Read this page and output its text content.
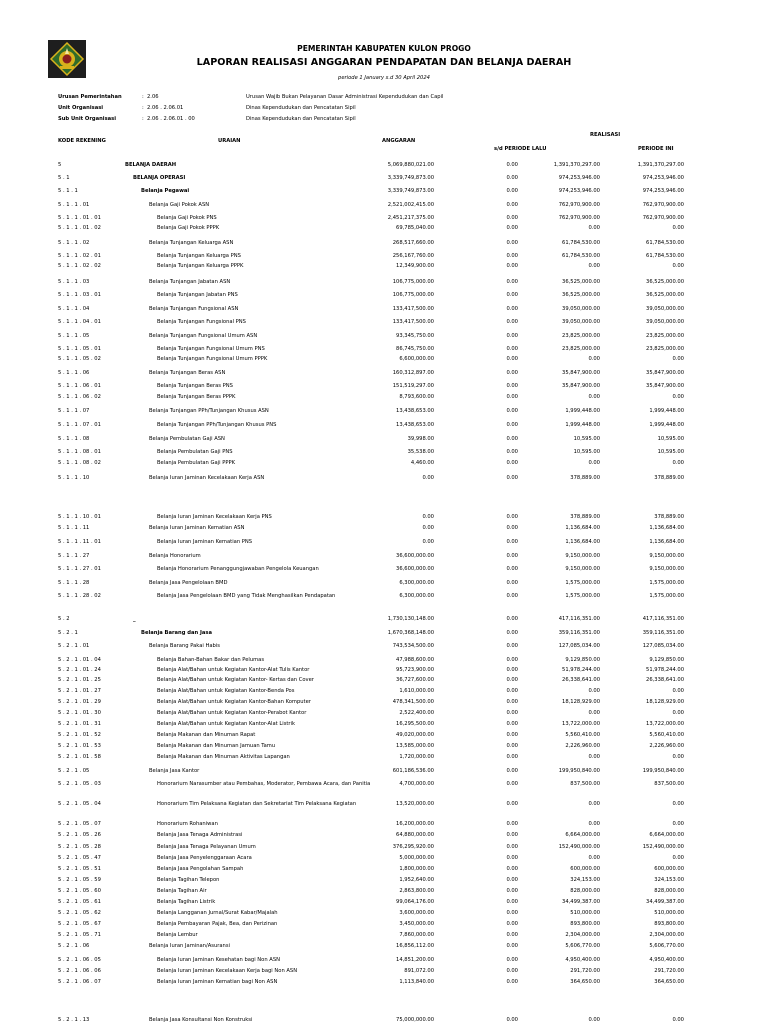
PEMERINTAH KABUPATEN KULON PROGO
LAPORAN REALISASI ANGGARAN PENDAPATAN DAN BELANJA DAERAH
periode 1 January s.d 30 April 2024
Urusan Pemerintahan	: 2.06	Urusan Wajib Bukan Pelayanan Dasar Administrasi Kependudukan dan Capil
Unit Organisasi	: 2.06 . 2.06.01	Dinas Kependudukan dan Pencatatan Sipil
Sub Unit Organisasi	: 2.06 . 2.06.01 . 00	Dinas Kependudukan dan Pencatatan Sipil
KODE REKENING	URAIAN	ANGGARAN
REALISASI
s/d PERIODE LALU	PERIODE INI
5	BELANJA DAERAH	5,069,880,021.00	0.00	1,391,370,297.00	1,391,370,297.00
5 . 1	BELANJA OPERASI	3,339,749,873.00	0.00	974,253,946.00	974,253,946.00
5 . 1 . 1	Belanja Pegawai	3,339,749,873.00	0.00	974,253,946.00	974,253,946.00
5 . 1 . 1 . 01	Belanja Gaji Pokok ASN	2,521,002,415.00	0.00	762,970,900.00	762,970,900.00
5 . 1 . 1 . 01 . 01	Belanja Gaji Pokok PNS	2,451,217,375.00	0.00	762,970,900.00	762,970,900.00
5 . 1 . 1 . 01 . 02	Belanja Gaji Pokok PPPK	69,785,040.00	0.00	0.00	0.00
5 . 1 . 1 . 02	Belanja Tunjangan Keluarga ASN	268,517,660.00	0.00	61,784,530.00	61,784,530.00
5 . 1 . 1 . 02 . 01	Belanja Tunjangan Keluarga PNS	256,167,760.00	0.00	61,784,530.00	61,784,530.00
5 . 1 . 1 . 02 . 02	Belanja Tunjangan Keluarga PPPK	12,349,900.00	0.00	0.00	0.00
5 . 1 . 1 . 03	Belanja Tunjangan Jabatan ASN	106,775,000.00	0.00	36,525,000.00	36,525,000.00
5 . 1 . 1 . 03 . 01	Belanja Tunjangan Jabatan PNS	106,775,000.00	0.00	36,525,000.00	36,525,000.00
5 . 1 . 1 . 04	Belanja Tunjangan Fungsional ASN	133,417,500.00	0.00	39,050,000.00	39,050,000.00
5 . 1 . 1 . 04 . 01	Belanja Tunjangan Fungsional PNS	133,417,500.00	0.00	39,050,000.00	39,050,000.00
5 . 1 . 1 . 05	Belanja Tunjangan Fungsional Umum ASN	93,345,750.00	0.00	23,825,000.00	23,825,000.00
5 . 1 . 1 . 05 . 01	Belanja Tunjangan Fungsional Umum PNS	86,745,750.00	0.00	23,825,000.00	23,825,000.00
5 . 1 . 1 . 05 . 02	Belanja Tunjangan Fungsional Umum PPPK	6,600,000.00	0.00	0.00	0.00
5 . 1 . 1 . 06	Belanja Tunjangan Beras ASN	160,312,897.00	0.00	35,847,900.00	35,847,900.00
5 . 1 . 1 . 06 . 01	Belanja Tunjangan Beras PNS	151,519,297.00	0.00	35,847,900.00	35,847,900.00
5 . 1 . 1 . 06 . 02	Belanja Tunjangan Beras PPPK	8,793,600.00	0.00	0.00	0.00
5 . 1 . 1 . 07	Belanja Tunjangan PPh/Tunjangan Khusus ASN	13,438,653.00	0.00	1,999,448.00	1,999,448.00
5 . 1 . 1 . 07 . 01	Belanja Tunjangan PPh/Tunjangan Khusus PNS	13,438,653.00	0.00	1,999,448.00	1,999,448.00
5 . 1 . 1 . 08	Belanja Pembulatan Gaji ASN	39,998.00	0.00	10,595.00	10,595.00
5 . 1 . 1 . 08 . 01	Belanja Pembulatan Gaji PNS	35,538.00	0.00	10,595.00	10,595.00
5 . 1 . 1 . 08 . 02	Belanja Pembulatan Gaji PPPK	4,460.00	0.00	0.00	0.00
5 . 1 . 1 . 10	Belanja Iuran Jaminan Kecelakaan Kerja ASN	0.00	0.00	378,889.00	378,889.00
5 . 1 . 1 . 10 . 01	Belanja Iuran Jaminan Kecelakaan Kerja PNS	0.00	0.00	378,889.00	378,889.00
5 . 1 . 1 . 11	Belanja Iuran Jaminan Kematian ASN	0.00	0.00	1,136,684.00	1,136,684.00
5 . 1 . 1 . 11 . 01	Belanja Iuran Jaminan Kematian PNS	0.00	0.00	1,136,684.00	1,136,684.00
5 . 1 . 1 . 27	Belanja Honorarium	36,600,000.00	0.00	9,150,000.00	9,150,000.00
5 . 1 . 1 . 27 . 01	Belanja Honorarium Penanggungjawaban Pengelola Keuangan	36,600,000.00	0.00	9,150,000.00	9,150,000.00
5 . 1 . 1 . 28	Belanja Jasa Pengelolaan BMD	6,300,000.00	0.00	1,575,000.00	1,575,000.00
5 . 1 . 1 . 28 . 02	Belanja Jasa Pengelolaan BMD yang Tidak Menghasilkan Pendapatan	6,300,000.00	0.00	1,575,000.00	1,575,000.00
5 . 2	_	1,730,130,148.00	0.00	417,116,351.00	417,116,351.00
5 . 2 . 1	Belanja Barang dan Jasa	1,670,368,148.00	0.00	359,116,351.00	359,116,351.00
5 . 2 . 1 . 01	Belanja Barang Pakai Habis	743,534,500.00	0.00	127,085,034.00	127,085,034.00
5 . 2 . 1 . 01 . 04	Belanja Bahan-Bahan Bakar dan Pelumas	47,988,600.00	0.00	9,129,850.00	9,129,850.00
5 . 2 . 1 . 01 . 24	Belanja Alat/Bahan untuk Kegiatan Kantor-Alat Tulis Kantor	95,723,900.00	0.00	51,978,244.00	51,978,244.00
5 . 2 . 1 . 01 . 25	Belanja Alat/Bahan untuk Kegiatan Kantor- Kertas dan Cover	36,727,600.00	0.00	26,338,641.00	26,338,641.00
5 . 2 . 1 . 01 . 27	Belanja Alat/Bahan untuk Kegiatan Kantor-Benda Pos	1,610,000.00	0.00	0.00	0.00
5 . 2 . 1 . 01 . 29	Belanja Alat/Bahan untuk Kegiatan Kantor-Bahan Komputer	478,341,500.00	0.00	18,128,929.00	18,128,929.00
5 . 2 . 1 . 01 . 30	Belanja Alat/Bahan untuk Kegiatan Kantor-Perabot Kantor	2,522,400.00	0.00	0.00	0.00
5 . 2 . 1 . 01 . 31	Belanja Alat/Bahan untuk Kegiatan Kantor-Alat Listrik	16,295,500.00	0.00	13,722,000.00	13,722,000.00
5 . 2 . 1 . 01 . 52	Belanja Makanan dan Minuman Rapat	49,020,000.00	0.00	5,560,410.00	5,560,410.00
5 . 2 . 1 . 01 . 53	Belanja Makanan dan Minuman Jamuan Tamu	13,585,000.00	0.00	2,226,960.00	2,226,960.00
5 . 2 . 1 . 01 . 58	Belanja Makanan dan Minuman Aktivitas Lapangan	1,720,000.00	0.00	0.00	0.00
5 . 2 . 1 . 05	Belanja Jasa Kantor	601,186,536.00	0.00	199,950,840.00	199,950,840.00
5 . 2 . 1 . 05 . 03	Honorarium Narasumber atau Pembahas, Moderator, Pembawa Acara, dan Panitia	4,700,000.00	0.00	837,500.00	837,500.00
5 . 2 . 1 . 05 . 04	Honorarium Tim Pelaksana Kegiatan dan Sekretariat Tim Pelaksana Kegiatan	13,520,000.00	0.00	0.00	0.00
5 . 2 . 1 . 05 . 07	Honorarium Rohaniwan	16,200,000.00	0.00	0.00	0.00
5 . 2 . 1 . 05 . 26	Belanja Jasa Tenaga Administrasi	64,880,000.00	0.00	6,664,000.00	6,664,000.00
5 . 2 . 1 . 05 . 28	Belanja Jasa Tenaga Pelayanan Umum	376,295,920.00	0.00	152,490,000.00	152,490,000.00
5 . 2 . 1 . 05 . 47	Belanja Jasa Penyelenggaraan Acara	5,000,000.00	0.00	0.00	0.00
5 . 2 . 1 . 05 . 51	Belanja Jasa Pengolahan Sampah	1,800,000.00	0.00	600,000.00	600,000.00
5 . 2 . 1 . 05 . 59	Belanja Tagihan Telepon	1,952,640.00	0.00	324,153.00	324,153.00
5 . 2 . 1 . 05 . 60	Belanja Tagihan Air	2,863,800.00	0.00	828,000.00	828,000.00
5 . 2 . 1 . 05 . 61	Belanja Tagihan Listrik	99,064,176.00	0.00	34,499,387.00	34,499,387.00
5 . 2 . 1 . 05 . 62	Belanja Langganan Jurnal/Surat Kabar/Majalah	3,600,000.00	0.00	510,000.00	510,000.00
5 . 2 . 1 . 05 . 67	Belanja Pembayaran Pajak, Bea, dan Perizinan	3,450,000.00	0.00	893,800.00	893,800.00
5 . 2 . 1 . 05 . 71	Belanja Lembur	7,860,000.00	0.00	2,304,000.00	2,304,000.00
5 . 2 . 1 . 06	Belanja Iuran Jaminan/Asuransi	16,856,112.00	0.00	5,606,770.00	5,606,770.00
5 . 2 . 1 . 06 . 05	Belanja Iuran Jaminan Kesehatan bagi Non ASN	14,851,200.00	0.00	4,950,400.00	4,950,400.00
5 . 2 . 1 . 06 . 06	Belanja Iuran Jaminan Kecelakaan Kerja bagi Non ASN	891,072.00	0.00	291,720.00	291,720.00
5 . 2 . 1 . 06 . 07	Belanja Iuran Jaminan Kematian bagi Non ASN	1,113,840.00	0.00	364,650.00	364,650.00
5 . 2 . 1 . 13	Belanja Jasa Konsultansi Non Konstruksi	75,000,000.00	0.00	0.00	0.00
